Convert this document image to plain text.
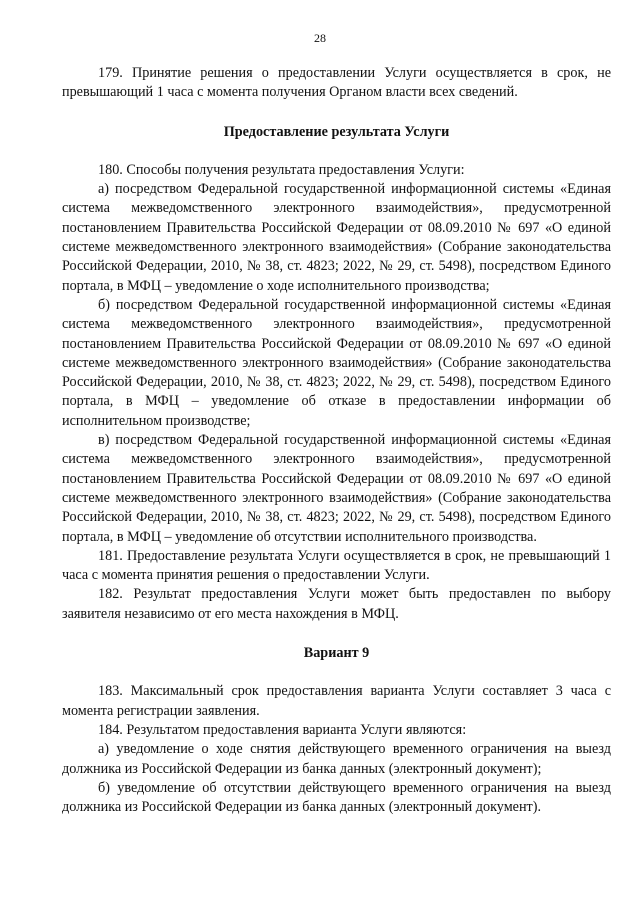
28

179. Принятие решения о предоставлении Услуги осуществляется в срок, не превышающий 1 часа с момента получения Органом власти всех сведений.

Предоставление результата Услуги

180. Способы получения результата предоставления Услуги:

а) посредством Федеральной государственной информационной системы «Единая система межведомственного электронного взаимодействия», предусмотренной постановлением Правительства Российской Федерации от 08.09.2010 № 697 «О единой системе межведомственного электронного взаимодействия» (Собрание законодательства Российской Федерации, 2010, № 38, ст. 4823; 2022, № 29, ст. 5498), посредством Единого портала, в МФЦ – уведомление о ходе исполнительного производства;

б) посредством Федеральной государственной информационной системы «Единая система межведомственного электронного взаимодействия», предусмотренной постановлением Правительства Российской Федерации от 08.09.2010 № 697 «О единой системе межведомственного электронного взаимодействия» (Собрание законодательства Российской Федерации, 2010, № 38, ст. 4823; 2022, № 29, ст. 5498), посредством Единого портала, в МФЦ – уведомление об отказе в предоставлении информации об исполнительном производстве;

в) посредством Федеральной государственной информационной системы «Единая система межведомственного электронного взаимодействия», предусмотренной постановлением Правительства Российской Федерации от 08.09.2010 № 697 «О единой системе межведомственного электронного взаимодействия» (Собрание законодательства Российской Федерации, 2010, № 38, ст. 4823; 2022, № 29, ст. 5498), посредством Единого портала, в МФЦ – уведомление об отсутствии исполнительного производства.

181. Предоставление результата Услуги осуществляется в срок, не превышающий 1 часа с момента принятия решения о предоставлении Услуги.

182. Результат предоставления Услуги может быть предоставлен по выбору заявителя независимо от его места нахождения в МФЦ.

Вариант 9

183. Максимальный срок предоставления варианта Услуги составляет 3 часа с момента регистрации заявления.

184. Результатом предоставления варианта Услуги являются:

а) уведомление о ходе снятия действующего временного ограничения на выезд должника из Российской Федерации из банка данных (электронный документ);

б) уведомление об отсутствии действующего временного ограничения на выезд должника из Российской Федерации из банка данных (электронный документ).
